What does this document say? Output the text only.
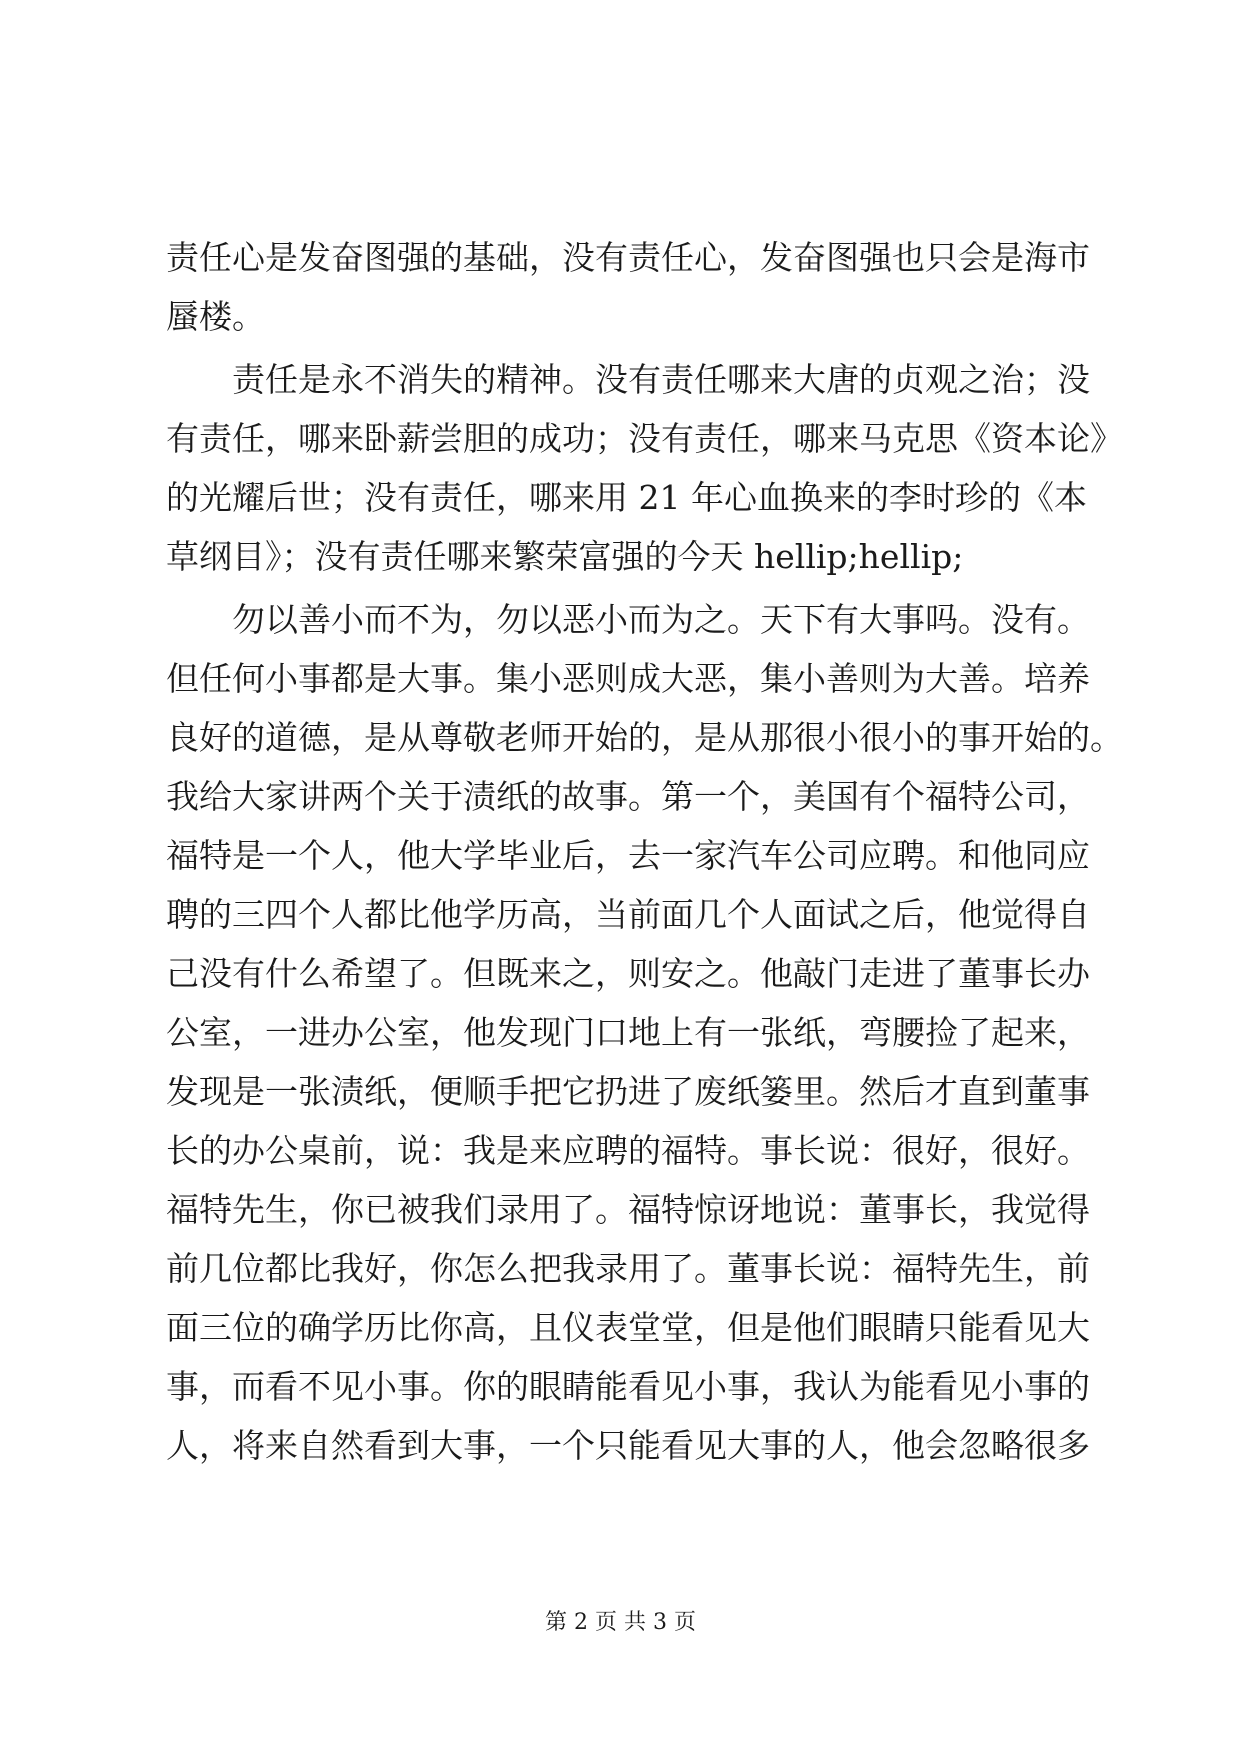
责任心是发奋图强的基础，没有责任心，发奋图强也只会是海市
蜃楼。
　　责任是永不消失的精神。没有责任哪来大唐的贞观之治；没
有责任，哪来卧薪尝胆的成功；没有责任，哪来马克思《资本论》
的光耀后世；没有责任，哪来用 21 年心血换来的李时珍的《本
草纲目》；没有责任哪来繁荣富强的今天 hellip;hellip;
　　勿以善小而不为，勿以恶小而为之。天下有大事吗。没有。
但任何小事都是大事。集小恶则成大恶，集小善则为大善。培养
良好的道德，是从尊敬老师开始的，是从那很小很小的事开始的。
我给大家讲两个关于渍纸的故事。第一个，美国有个福特公司，
福特是一个人，他大学毕业后，去一家汽车公司应聘。和他同应
聘的三四个人都比他学历高，当前面几个人面试之后，他觉得自
己没有什么希望了。但既来之，则安之。他敲门走进了董事长办
公室，一进办公室，他发现门口地上有一张纸，弯腰捡了起来，
发现是一张渍纸，便顺手把它扔进了废纸篓里。然后才直到董事
长的办公桌前，说：我是来应聘的福特。事长说：很好，很好。
福特先生，你已被我们录用了。福特惊讶地说：董事长，我觉得
前几位都比我好，你怎么把我录用了。董事长说：福特先生，前
面三位的确学历比你高，且仪表堂堂，但是他们眼睛只能看见大
事，而看不见小事。你的眼睛能看见小事，我认为能看见小事的
人，将来自然看到大事，一个只能看见大事的人，他会忽略很多
第 2 页 共 3 页
